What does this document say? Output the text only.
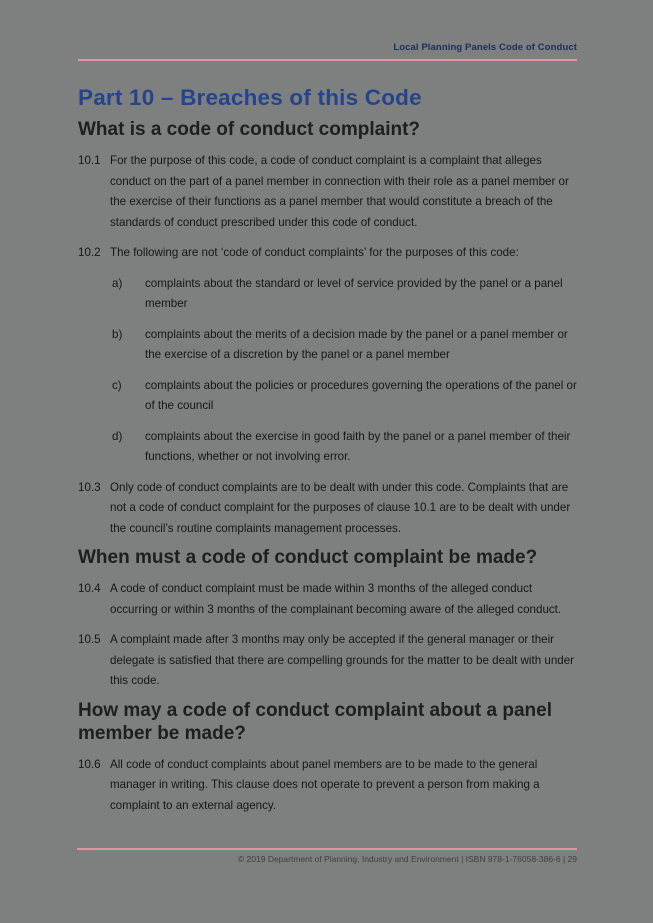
Local Planning Panels Code of Conduct
Part 10 – Breaches of this Code
What is a code of conduct complaint?
10.1 For the purpose of this code, a code of conduct complaint is a complaint that alleges conduct on the part of a panel member in connection with their role as a panel member or the exercise of their functions as a panel member that would constitute a breach of the standards of conduct prescribed under this code of conduct.
10.2 The following are not ‘code of conduct complaints’ for the purposes of this code:
a)	complaints about the standard or level of service provided by the panel or a panel member
b)	complaints about the merits of a decision made by the panel or a panel member or the exercise of a discretion by the panel or a panel member
c)	complaints about the policies or procedures governing the operations of the panel or of the council
d)	complaints about the exercise in good faith by the panel or a panel member of their functions, whether or not involving error.
10.3 Only code of conduct complaints are to be dealt with under this code. Complaints that are not a code of conduct complaint for the purposes of clause 10.1 are to be dealt with under the council’s routine complaints management processes.
When must a code of conduct complaint be made?
10.4 A code of conduct complaint must be made within 3 months of the alleged conduct occurring or within 3 months of the complainant becoming aware of the alleged conduct.
10.5 A complaint made after 3 months may only be accepted if the general manager or their delegate is satisfied that there are compelling grounds for the matter to be dealt with under this code.
How may a code of conduct complaint about a panel member be made?
10.6 All code of conduct complaints about panel members are to be made to the general manager in writing. This clause does not operate to prevent a person from making a complaint to an external agency.
© 2019 Department of Planning, Industry and Environment | ISBN 978-1-76058-386-6 | 29
